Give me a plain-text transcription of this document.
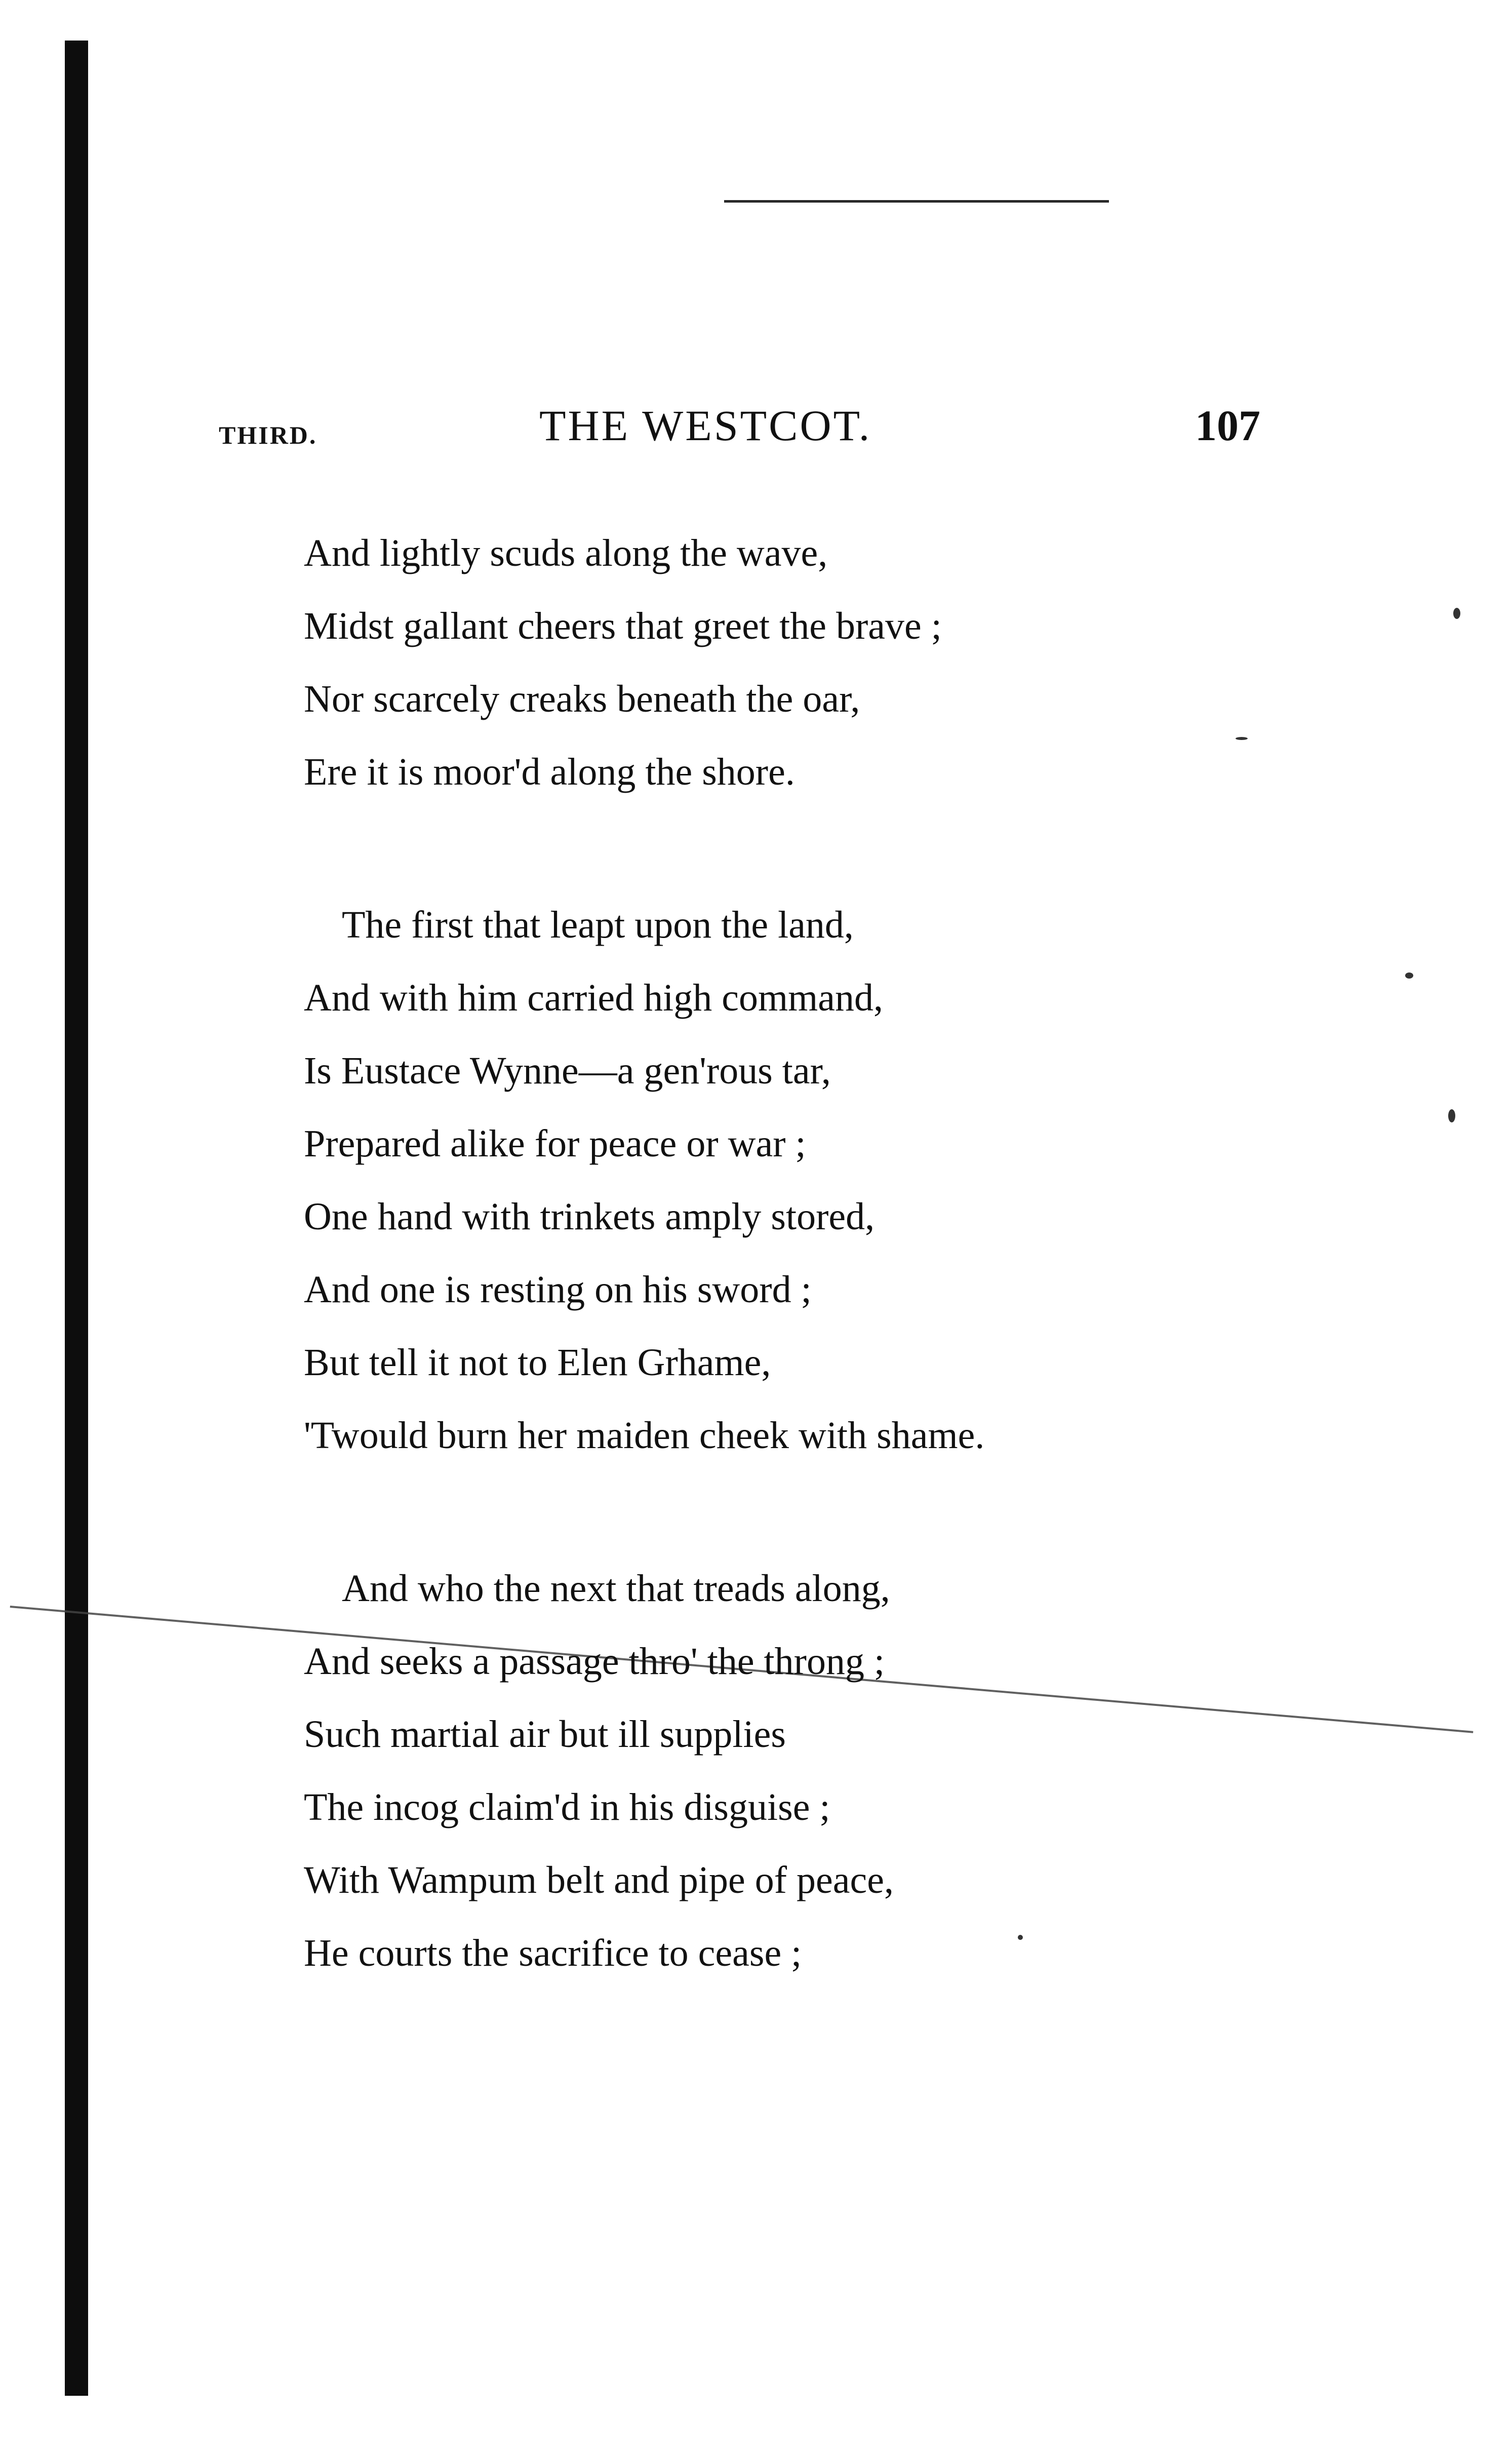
THIRD.	THE WESTCOT.	107
And lightly scuds along the wave,
Midst gallant cheers that greet the brave ;
Nor scarcely creaks beneath the oar,
Ere it is moor'd along the shore.
The first that leapt upon the land,
And with him carried high command,
Is Eustace Wynne—a gen'rous tar,
Prepared alike for peace or war ;
One hand with trinkets amply stored,
And one is resting on his sword ;
But tell it not to Elen Grhame,
'Twould burn her maiden cheek with shame.
And who the next that treads along,
And seeks a passage thro' the throng ;
Such martial air but ill supplies
The incog claim'd in his disguise ;
With Wampum belt and pipe of peace,
He courts the sacrifice to cease ;
